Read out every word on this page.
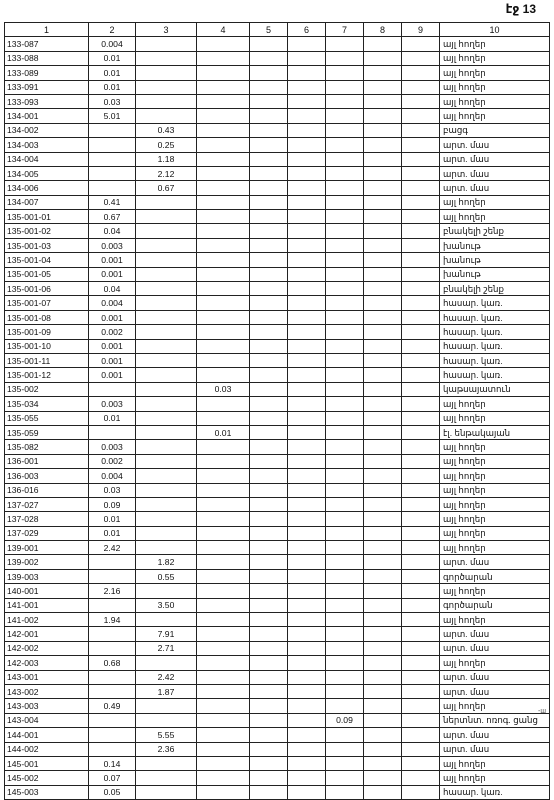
էջ 13
-ш
1	2	3	4	5	6	7	8	9	10
133-087	0.004								այլ հողեր
133-088	0.01								այլ հողեր
133-089	0.01								այլ հողեր
133-091	0.01								այլ հողեր
133-093	0.03								այլ հողեր
134-001	5.01								այլ հողեր
134-002		0.43							բացգ
134-003		0.25							արտ. մաս
134-004		1.18							արտ. մաս
134-005		2.12							արտ. մաս
134-006		0.67							արտ. մաս
134-007	0.41								այլ հողեր
135-001-01	0.67								այլ հողեր
135-001-02	0.04								բնակելի շենք
135-001-03	0.003								խանութ
135-001-04	0.001								խանութ
135-001-05	0.001								խանութ
135-001-06	0.04								բնակելի շենք
135-001-07	0.004								հասար. կառ.
135-001-08	0.001								հասար. կառ.
135-001-09	0.002								հասար. կառ.
135-001-10	0.001								հասար. կառ.
135-001-11	0.001								հասար. կառ.
135-001-12	0.001								հասար. կառ.
135-002			0.03						կաթսայատուն
135-034	0.003								այլ հողեր
135-055	0.01								այլ հողեր
135-059			0.01						էլ. ենթակայան
135-082	0.003								այլ հողեր
136-001	0.002								այլ հողեր
136-003	0.004								այլ հողեր
136-016	0.03								այլ հողեր
137-027	0.09								այլ հողեր
137-028	0.01								այլ հողեր
137-029	0.01								այլ հողեր
139-001	2.42								այլ հողեր
139-002		1.82							արտ. մաս
139-003		0.55							գործարան
140-001	2.16								այլ հողեր
141-001		3.50							գործարան
141-002	1.94								այլ հողեր
142-001		7.91							արտ. մաս
142-002		2.71							արտ. մաս
142-003	0.68								այլ հողեր
143-001		2.42							արտ. մաս
143-002		1.87							արտ. մաս
143-003	0.49								այլ հողեր
143-004						0.09			ներտնտ. ոռոգ. ցանց
144-001		5.55							արտ. մաս
144-002		2.36							արտ. մաս
145-001	0.14								այլ հողեր
145-002	0.07								այլ հողեր
145-003	0.05								հասար. կառ.
